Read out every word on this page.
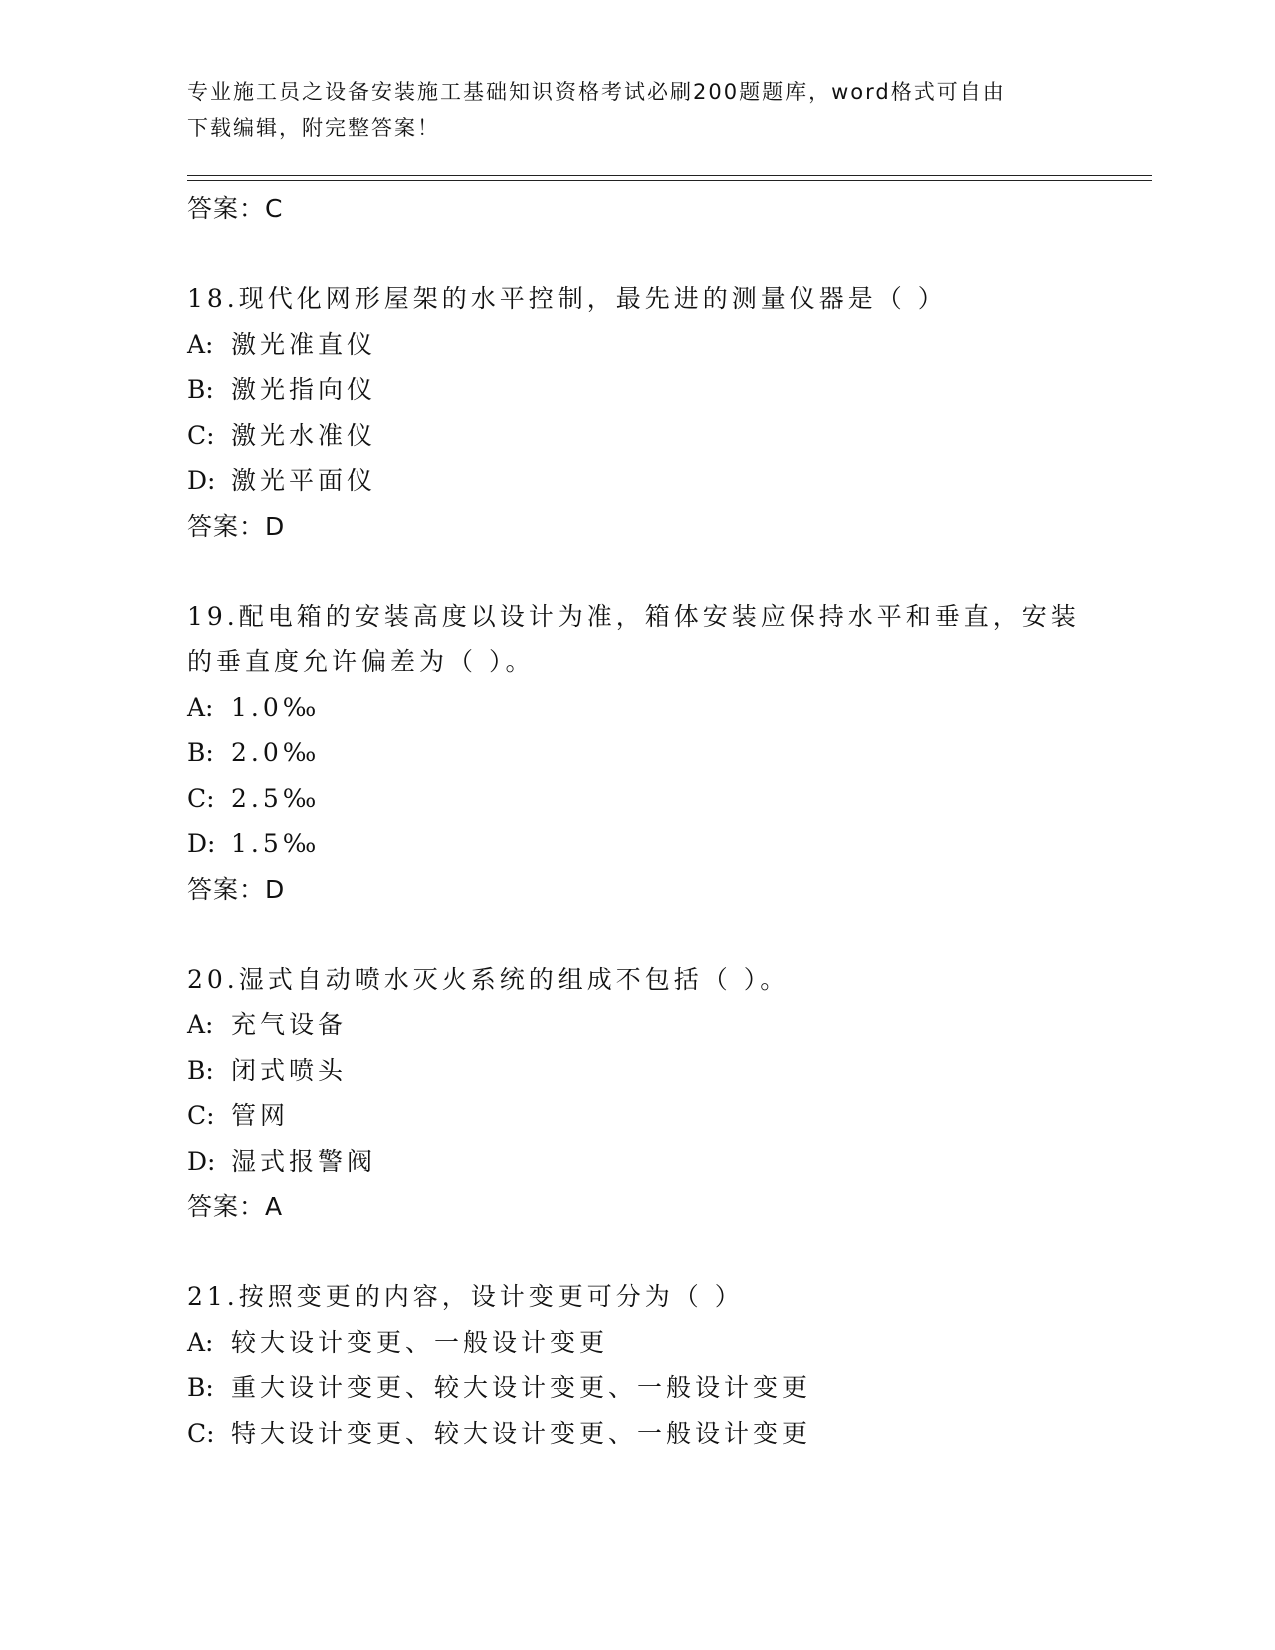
专业施工员之设备安装施工基础知识资格考试必刷200题题库，word格式可自由
下载编辑，附完整答案！
答案：C
18.现代化网形屋架的水平控制，最先进的测量仪器是（ ）
A: 激光准直仪
B: 激光指向仪
C: 激光水准仪
D: 激光平面仪
答案：D
19.配电箱的安装高度以设计为准，箱体安装应保持水平和垂直，安装的垂直度允许偏差为（ ）。
A: 1.0‰
B: 2.0‰
C: 2.5‰
D: 1.5‰
答案：D
20.湿式自动喷水灭火系统的组成不包括（ ）。
A: 充气设备
B: 闭式喷头
C: 管网
D: 湿式报警阀
答案：A
21.按照变更的内容，设计变更可分为（ ）
A: 较大设计变更、一般设计变更
B: 重大设计变更、较大设计变更、一般设计变更
C: 特大设计变更、较大设计变更、一般设计变更
